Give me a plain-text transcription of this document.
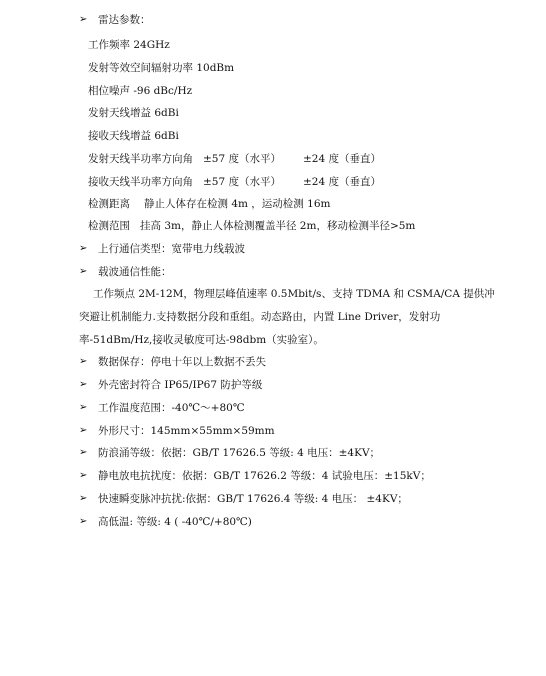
➢ 雷达参数：
工作频率 24GHz
发射等效空间辐射功率 10dBm
相位噪声 -96 dBc/Hz
发射天线增益 6dBi
接收天线增益 6dBi
发射天线半功率方向角 ±57 度（水平） ±24 度（垂直）
接收天线半功率方向角 ±57 度（水平） ±24 度（垂直）
检测距离 静止人体存在检测 4m ，运动检测 16m
检测范围 挂高 3m，静止人体检测覆盖半径 2m，移动检测半径>5m
➢ 上行通信类型：宽带电力线载波
➢ 载波通信性能：
工作频点 2M-12M，物理层峰值速率 0.5Mbit/s、支持 TDMA 和 CSMA/CA 提供冲
突避让机制能力.支持数据分段和重组。动态路由，内置 Line Driver，发射功
率-51dBm/Hz,接收灵敏度可达-98dbm（实验室）。
➢ 数据保存：停电十年以上数据不丢失
➢ 外壳密封符合 IP65/IP67 防护等级
➢ 工作温度范围：-40℃～+80℃
➢ 外形尺寸：145mm×55mm×59mm
➢ 防浪涌等级：依据：GB/T 17626.5 等级: 4 电压：±4KV；
➢ 静电放电抗扰度：依据：GB/T 17626.2 等级：4 试验电压：±15kV；
➢ 快速瞬变脉冲抗扰:依据：GB/T 17626.4 等级: 4 电压： ±4KV；
➢ 高低温: 等级: 4 ( -40℃/+80℃)
